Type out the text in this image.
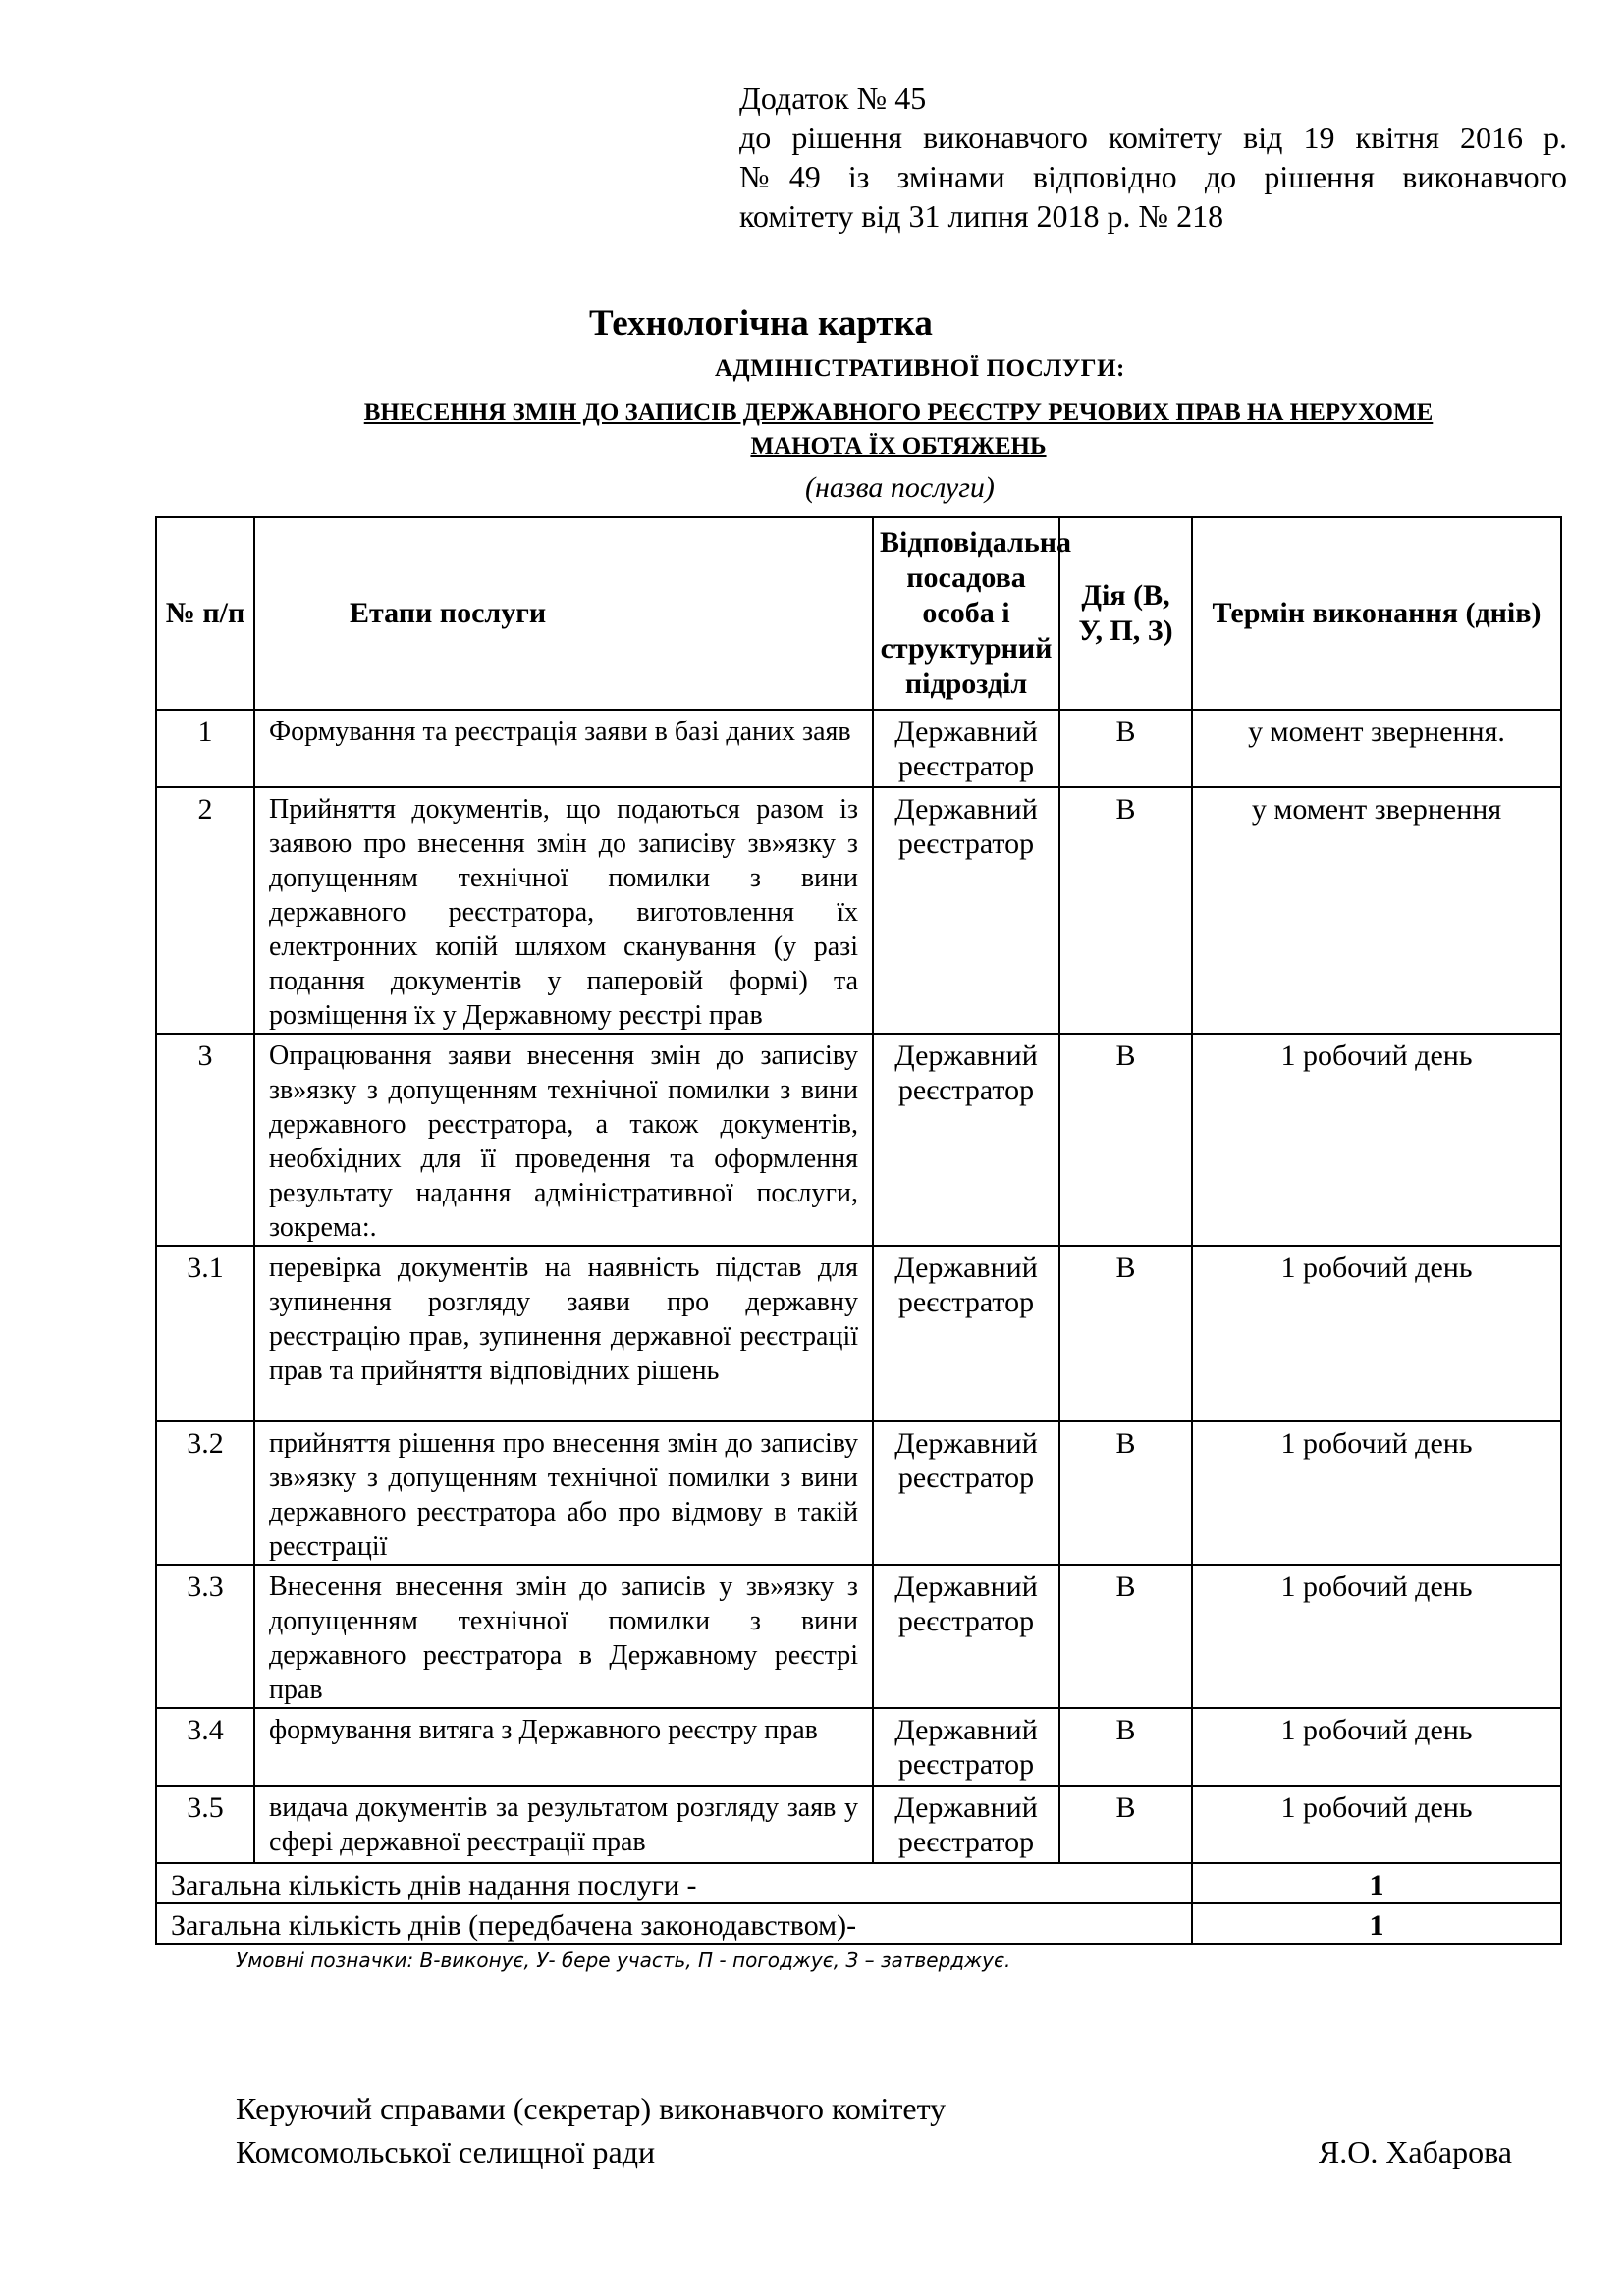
Додаток № 45
до рішення виконавчого комітету від 19 квітня 2016 р.
№49 із змінами відповідно до рішення виконавчого
комітету від 31 липня 2018 р. № 218
Технологічна картка
АДМІНІСТРАТИВНОЇ ПОСЛУГИ:
ВНЕСЕННЯ ЗМІН ДО ЗАПИСІВ ДЕРЖАВНОГО РЕЄСТРУ РЕЧОВИХ ПРАВ НА НЕРУХОМЕ
МАНОТА ЇХ ОБТЯЖЕНЬ
(назва послуги)
№ п/п	Етапи послуги	Відповідальна посадова особа і структурний підрозділ	Дія (В, У, П, З)	Термін виконання (днів)
1	Формування та реєстрація заяви в базі даних заяв	Державний реєстратор	В	у момент звернення.
2	Прийняття документів, що подаються разом із заявою про внесення змін до записіву зв»язку з допущенням технічної помилки з вини державного реєстратора, виготовлення їх електронних копій шляхом сканування (у разі подання документів у паперовій формі) та розміщення їх у Державному реєстрі прав	Державний реєстратор	В	у момент звернення
3	Опрацювання заяви внесення змін до записіву зв»язку з допущенням технічної помилки з вини державного реєстратора, а також документів, необхідних для її проведення та оформлення результату надання адміністративної послуги, зокрема:.	Державний реєстратор	В	1 робочий день
3.1	перевірка документів на наявність підстав для зупинення розгляду заяви про державну реєстрацію прав, зупинення державної реєстрації прав та прийняття відповідних рішень	Державний реєстратор	В	1 робочий день
3.2	прийняття рішення про внесення змін до записіву зв»язку з допущенням технічної помилки з вини державного реєстратора або про відмову в такій реєстрації	Державний реєстратор	В	1 робочий день
3.3	Внесення внесення змін до записів у зв»язку з допущенням технічної помилки з вини державного реєстратора в Державному реєстрі прав	Державний реєстратор	В	1 робочий день
3.4	формування витяга з Державного реєстру прав	Державний реєстратор	В	1 робочий день
3.5	видача документів за результатом розгляду заяв у сфері державної реєстрації прав	Державний реєстратор	В	1 робочий день
Загальна кількість днів надання послуги -				1
Загальна кількість днів (передбачена законодавством)-				1
Умовні позначки: В-виконує, У- бере участь, П - погоджує, З – затверджує.
Керуючий справами (секретар) виконавчого комітету
Комсомольської селищної ради	Я.О. Хабарова
